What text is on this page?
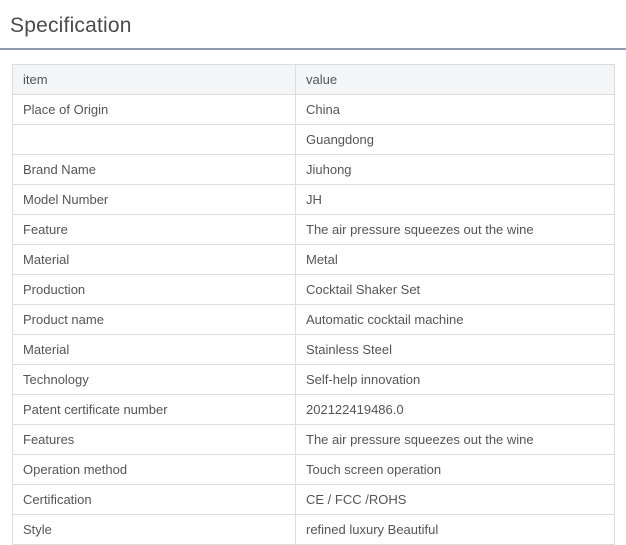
Specification
item	value
Place of Origin	China
	Guangdong
Brand Name	Jiuhong
Model Number	JH
Feature	The air pressure squeezes out the wine
Material	Metal
Production	Cocktail Shaker Set
Product name	Automatic cocktail machine
Material	Stainless Steel
Technology	Self-help innovation
Patent certificate number	202122419486.0
Features	The air pressure squeezes out the wine
Operation method	Touch screen operation
Certification	CE / FCC /ROHS
Style	refined luxury Beautiful
